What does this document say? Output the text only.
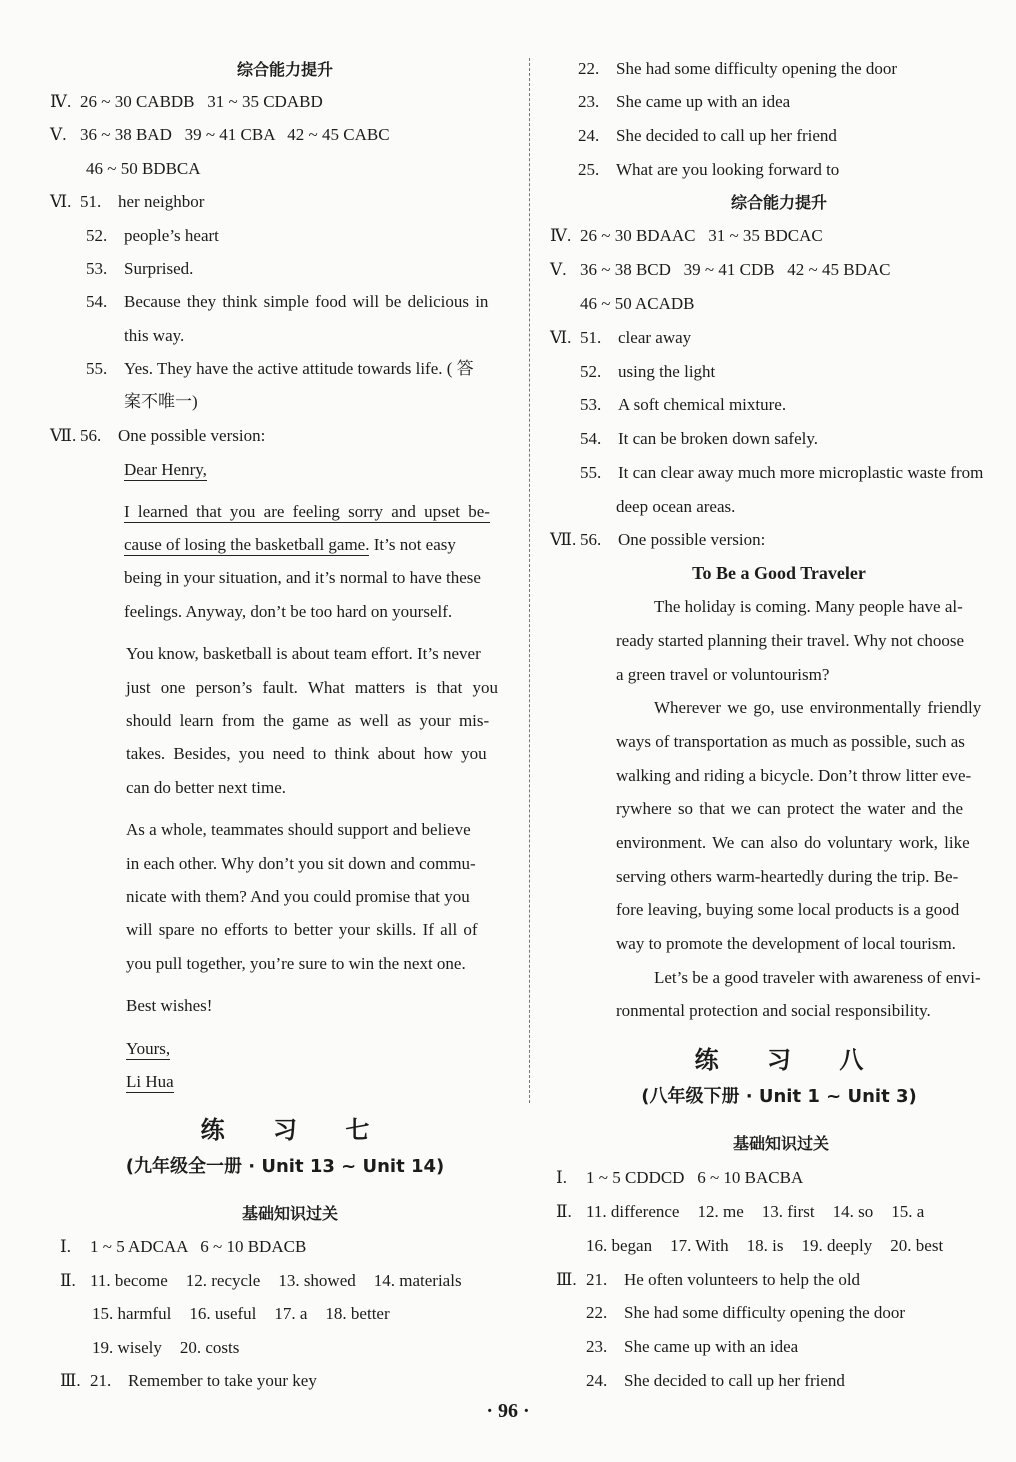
综合能力提升
Ⅳ. 26 ~ 30 CABDB   31 ~ 35 CDABD
Ⅴ. 36 ~ 38 BAD   39 ~ 41 CBA   42 ~ 45 CABC
46 ~ 50 BDBCA
Ⅵ. 51. her neighbor
52. people’s heart
53. Surprised.
54. Because they think simple food will be delicious in
this way.
55. Yes. They have the active attitude towards life. ( 答
案不唯一)
Ⅶ. 56. One possible version:
Dear Henry,
I learned that you are feeling sorry and upset be-
cause of losing the basketball game. It’s not easy
being in your situation, and it’s normal to have these
feelings. Anyway, don’t be too hard on yourself.
You know, basketball is about team effort. It’s never
just one person’s fault. What matters is that you
should learn from the game as well as your mis-
takes. Besides, you need to think about how you
can do better next time.
As a whole, teammates should support and believe
in each other. Why don’t you sit down and commu-
nicate with them? And you could promise that you
will spare no efforts to better your skills. If all of
you pull together, you’re sure to win the next one.
Best wishes!
Yours,
Li Hua
练 习 七
(九年级全一册 · Unit 13 ~ Unit 14)
基础知识过关
Ⅰ. 1 ~ 5 ADCAA   6 ~ 10 BDACB
Ⅱ. 11. become 12. recycle 13. showed 14. materials
15. harmful 16. useful 17. a 18. better
19. wisely 20. costs
Ⅲ. 21. Remember to take your key
22. She had some difficulty opening the door
23. She came up with an idea
24. She decided to call up her friend
25. What are you looking forward to
综合能力提升
Ⅳ. 26 ~ 30 BDAAC   31 ~ 35 BDCAC
Ⅴ. 36 ~ 38 BCD   39 ~ 41 CDB   42 ~ 45 BDAC
46 ~ 50 ACADB
Ⅵ. 51. clear away
52. using the light
53. A soft chemical mixture.
54. It can be broken down safely.
55. It can clear away much more microplastic waste from
deep ocean areas.
Ⅶ. 56. One possible version:
To Be a Good Traveler
The holiday is coming. Many people have al-
ready started planning their travel. Why not choose
a green travel or voluntourism?
Wherever we go, use environmentally friendly
ways of transportation as much as possible, such as
walking and riding a bicycle. Don’t throw litter eve-
rywhere so that we can protect the water and the
environment. We can also do voluntary work, like
serving others warm-heartedly during the trip. Be-
fore leaving, buying some local products is a good
way to promote the development of local tourism.
Let’s be a good traveler with awareness of envi-
ronmental protection and social responsibility.
练 习 八
(八年级下册 · Unit 1 ~ Unit 3)
基础知识过关
Ⅰ. 1 ~ 5 CDDCD   6 ~ 10 BACBA
Ⅱ. 11. difference 12. me 13. first 14. so 15. a
16. began 17. With 18. is 19. deeply 20. best
Ⅲ. 21. He often volunteers to help the old
22. She had some difficulty opening the door
23. She came up with an idea
24. She decided to call up her friend
· 96 ·
